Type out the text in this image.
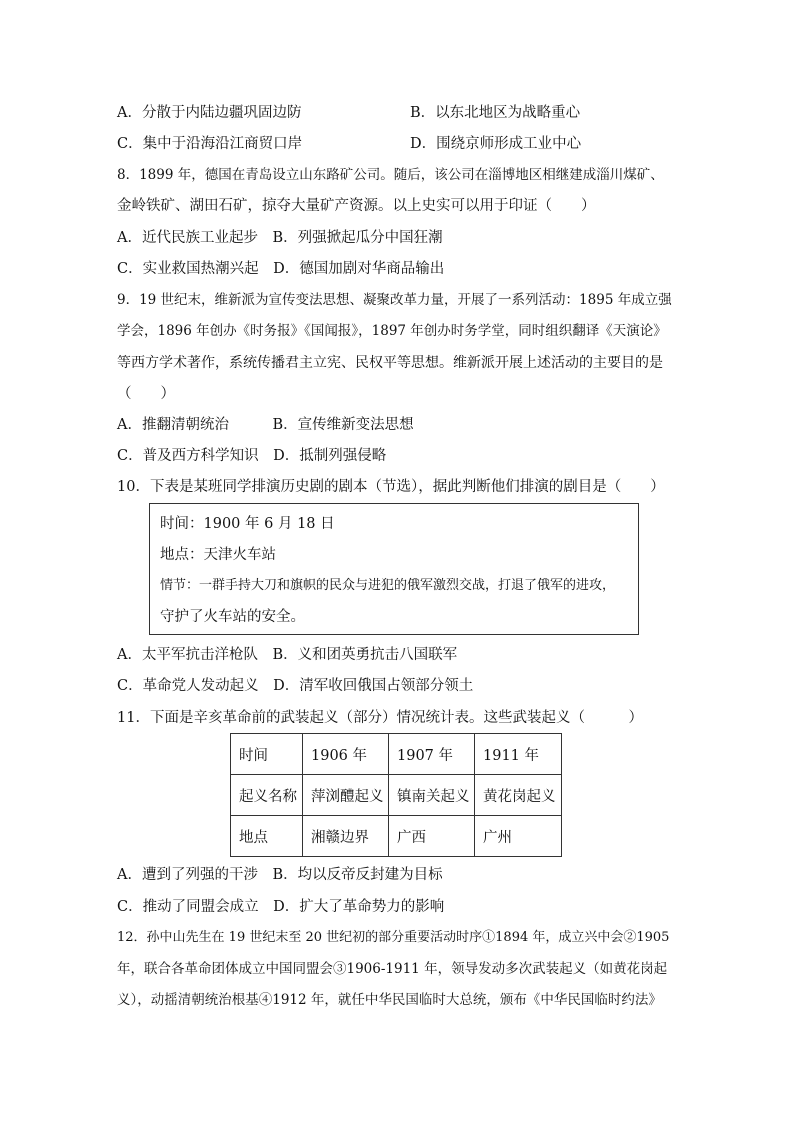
A．分散于内陆边疆巩固边防	B．以东北地区为战略重心
C．集中于沿海沿江商贸口岸	D．围绕京师形成工业中心
8．1899 年，德国在青岛设立山东路矿公司。随后，该公司在淄博地区相继建成淄川煤矿、
金岭铁矿、湖田石矿，掠夺大量矿产资源。以上史实可以用于印证（　　）
A．近代民族工业起步　B．列强掀起瓜分中国狂潮
C．实业救国热潮兴起　D．德国加剧对华商品输出
9．19 世纪末，维新派为宣传变法思想、凝聚改革力量，开展了一系列活动：1895 年成立强
学会，1896 年创办《时务报》《国闻报》，1897 年创办时务学堂，同时组织翻译《天演论》
等西方学术著作，系统传播君主立宪、民权平等思想。维新派开展上述活动的主要目的是
（　　）
A．推翻清朝统治　　　B．宣传维新变法思想
C．普及西方科学知识　D．抵制列强侵略
10．下表是某班同学排演历史剧的剧本（节选），据此判断他们排演的剧目是（　　）
时间：1900 年 6 月 18 日
地点：天津火车站
情节：一群手持大刀和旗帜的民众与进犯的俄军激烈交战，打退了俄军的进攻，
守护了火车站的安全。
A．太平军抗击洋枪队　B．义和团英勇抗击八国联军
C．革命党人发动起义　D．清军收回俄国占领部分领土
11．下面是辛亥革命前的武装起义（部分）情况统计表。这些武装起义（　　　）
时间	1906 年	1907 年	1911 年
起义名称	萍浏醴起义	镇南关起义	黄花岗起义
地点	湘赣边界	广西	广州
A．遭到了列强的干涉　B．均以反帝反封建为目标
C．推动了同盟会成立　D．扩大了革命势力的影响
12．孙中山先生在 19 世纪末至 20 世纪初的部分重要活动时序①1894 年，成立兴中会②1905
年，联合各革命团体成立中国同盟会③1906-1911 年，领导发动多次武装起义（如黄花岗起
义），动摇清朝统治根基④1912 年，就任中华民国临时大总统，颁布《中华民国临时约法》
